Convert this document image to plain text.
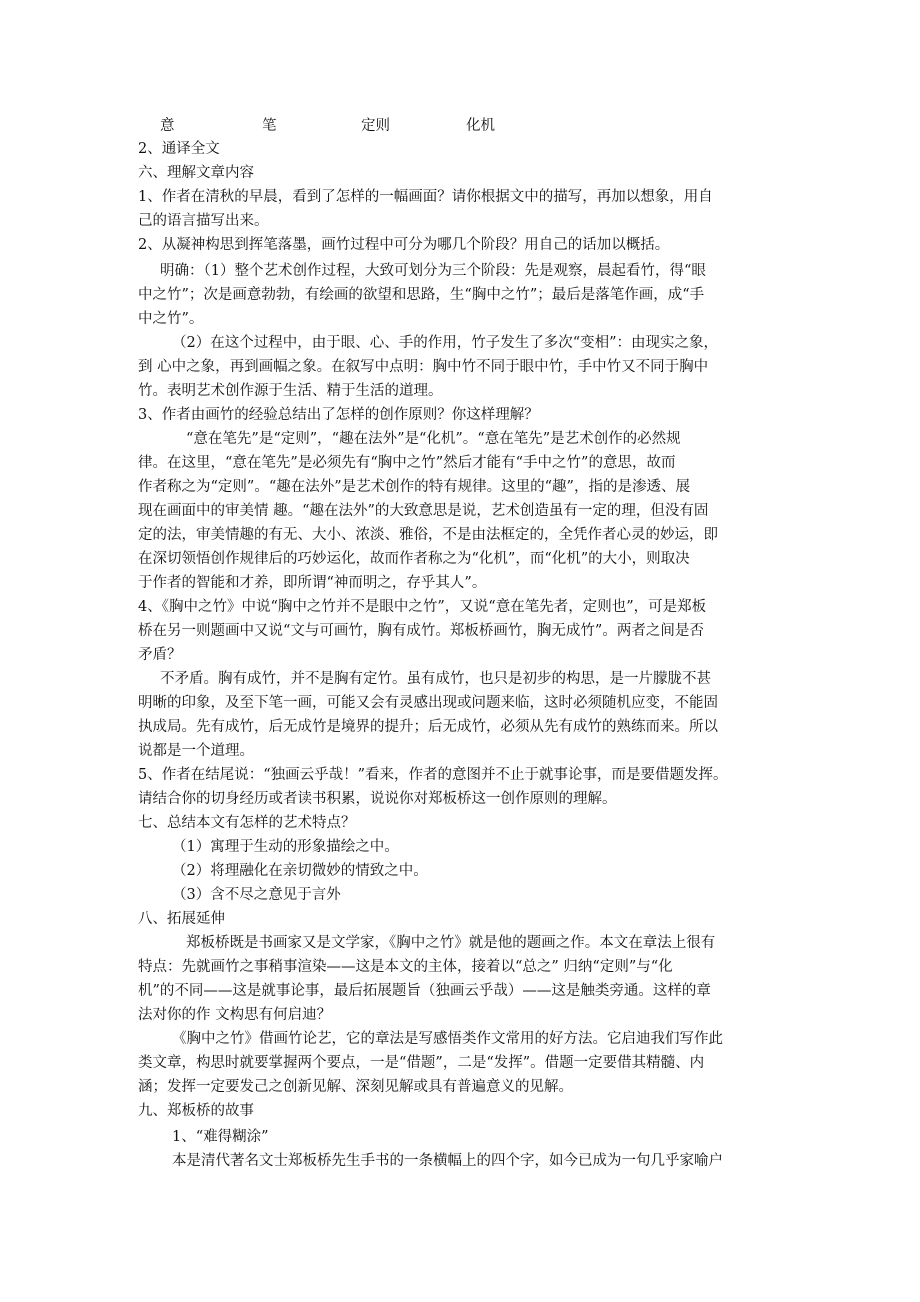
意	笔	定则	化机
2、通译全文
六、理解文章内容
1、作者在清秋的早晨，看到了怎样的一幅画面？请你根据文中的描写，再加以想象，用自
己的语言描写出来。
2、从凝神构思到挥笔落墨，画竹过程中可分为哪几个阶段？用自己的话加以概括。
明确：（1）整个艺术创作过程，大致可划分为三个阶段：先是观察，晨起看竹，得“眼
中之竹”；次是画意勃勃，有绘画的欲望和思路，生“胸中之竹”；最后是落笔作画，成“手
中之竹”。
（2）在这个过程中，由于眼、心、手的作用，竹子发生了多次“变相”：由现实之象，
到 心中之象，再到画幅之象。在叙写中点明：胸中竹不同于眼中竹，手中竹又不同于胸中
竹。表明艺术创作源于生活、精于生活的道理。
3、作者由画竹的经验总结出了怎样的创作原则？你这样理解？
“意在笔先”是“定则”，“趣在法外”是“化机”。“意在笔先”是艺术创作的必然规
律。在这里，“意在笔先”是必须先有“胸中之竹”然后才能有“手中之竹”的意思，故而
作者称之为“定则”。“趣在法外”是艺术创作的特有规律。这里的“趣”，指的是渗透、展
现在画面中的审美情 趣。“趣在法外”的大致意思是说，艺术创造虽有一定的理，但没有固
定的法，审美情趣的有无、大小、浓淡、雅俗，不是由法框定的，全凭作者心灵的妙运，即
在深切领悟创作规律后的巧妙运化，故而作者称之为“化机”，而“化机”的大小，则取决
于作者的智能和才养，即所谓“神而明之，存乎其人”。
4、《胸中之竹》中说“胸中之竹并不是眼中之竹”，又说“意在笔先者，定则也”，可是郑板
桥在另一则题画中又说“文与可画竹，胸有成竹。郑板桥画竹，胸无成竹”。两者之间是否
矛盾？
不矛盾。胸有成竹，并不是胸有定竹。虽有成竹，也只是初步的构思，是一片朦胧不甚
明晰的印象，及至下笔一画，可能又会有灵感出现或问题来临，这时必须随机应变，不能固
执成局。先有成竹，后无成竹是境界的提升；后无成竹，必须从先有成竹的熟练而来。所以
说都是一个道理。
5、作者在结尾说：“独画云乎哉！”看来，作者的意图并不止于就事论事，而是要借题发挥。
请结合你的切身经历或者读书积累，说说你对郑板桥这一创作原则的理解。
七、总结本文有怎样的艺术特点？
（1）寓理于生动的形象描绘之中。
（2）将理融化在亲切微妙的情致之中。
（3）含不尽之意见于言外
八、拓展延伸
郑板桥既是书画家又是文学家，《胸中之竹》就是他的题画之作。本文在章法上很有
特点：先就画竹之事稍事渲染——这是本文的主体，接着以“总之” 归纳“定则”与“化
机”的不同——这是就事论事，最后拓展题旨（独画云乎哉）——这是触类旁通。这样的章
法对你的作 文构思有何启迪？
《胸中之竹》借画竹论艺，它的章法是写感悟类作文常用的好方法。它启迪我们写作此
类文章，构思时就要掌握两个要点，一是“借题”，二是“发挥”。借题一定要借其精髓、内
涵；发挥一定要发己之创新见解、深刻见解或具有普遍意义的见解。
九、郑板桥的故事
1、“难得糊涂”
本是清代著名文士郑板桥先生手书的一条横幅上的四个字，如今已成为一句几乎家喻户
